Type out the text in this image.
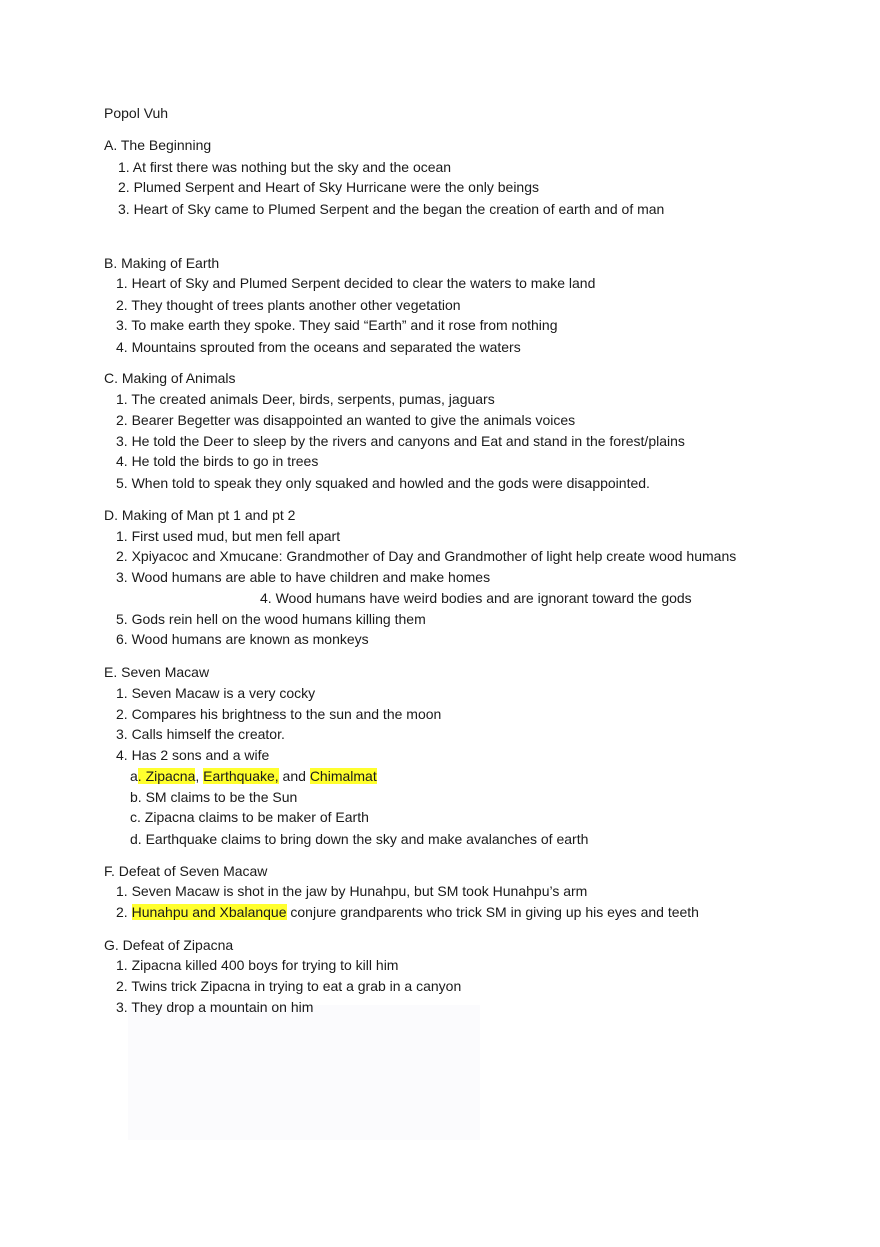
Popol Vuh
A. The Beginning
1. At first there was nothing but the sky and the ocean
2. Plumed Serpent and Heart of Sky Hurricane were the only beings
3. Heart of Sky came to Plumed Serpent and the began the creation of earth and of man
B. Making of Earth
1. Heart of Sky and Plumed Serpent decided to clear the waters to make land
2. They thought of trees plants another other vegetation
3. To make earth they spoke. They said “Earth” and it rose from nothing
4. Mountains sprouted from the oceans and separated the waters
C. Making of Animals
1. The created animals Deer, birds, serpents, pumas, jaguars
2. Bearer Begetter was disappointed an wanted to give the animals voices
3. He told the Deer to sleep by the rivers and canyons and Eat and stand in the forest/plains
4. He told the birds to go in trees
5. When told to speak they only squaked and howled and the gods were disappointed.
D. Making of Man pt 1 and pt 2
1. First used mud, but men fell apart
2. Xpiyacoc and Xmucane: Grandmother of Day and Grandmother of light help create wood humans
3. Wood humans are able to have children and make homes
4. Wood humans have weird bodies and are ignorant toward the gods
5. Gods rein hell on the wood humans killing them
6. Wood humans are known as monkeys
E. Seven Macaw
1. Seven Macaw is a very cocky
2. Compares his brightness to the sun and the moon
3. Calls himself the creator.
4. Has 2 sons and a wife
a. Zipacna, Earthquake, and Chimalmat
b. SM claims to be the Sun
c. Zipacna claims to be maker of Earth
d. Earthquake claims to bring down the sky and make avalanches of earth
F. Defeat of Seven Macaw
1. Seven Macaw is shot in the jaw by Hunahpu, but SM took Hunahpu’s arm
2. Hunahpu and Xbalanque conjure grandparents who trick SM in giving up his eyes and teeth
G. Defeat of Zipacna
1. Zipacna killed 400 boys for trying to kill him
2. Twins trick Zipacna in trying to eat a grab in a canyon
3. They drop a mountain on him
